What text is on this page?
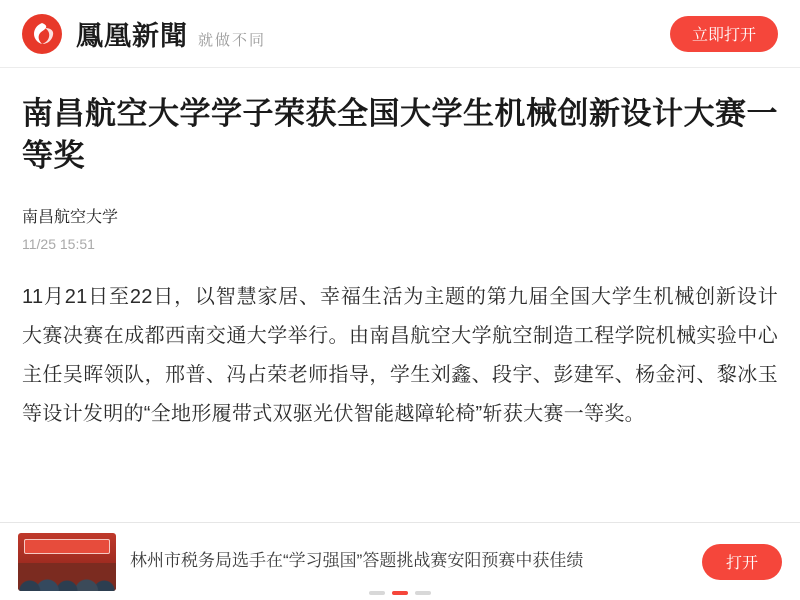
鳳凰新聞 就做不同	立即打开
南昌航空大学学子荣获全国大学生机械创新设计大赛一等奖
南昌航空大学
11/25 15:51

11月21日至22日，以智慧家居、幸福生活为主题的第九届全国大学生机械创新设计大赛决赛在成都西南交通大学举行。由南昌航空大学航空制造工程学院机械实验中心主任吴晖领队，邢普、冯占荣老师指导，学生刘鑫、段宇、彭建军、杨金河、黎冰玉等设计发明的“全地形履带式双驱光伏智能越障轮椅”斩获大赛一等奖。

林州市税务局选手在“学习强国”答题挑战赛安阳预赛中获佳绩	打开
